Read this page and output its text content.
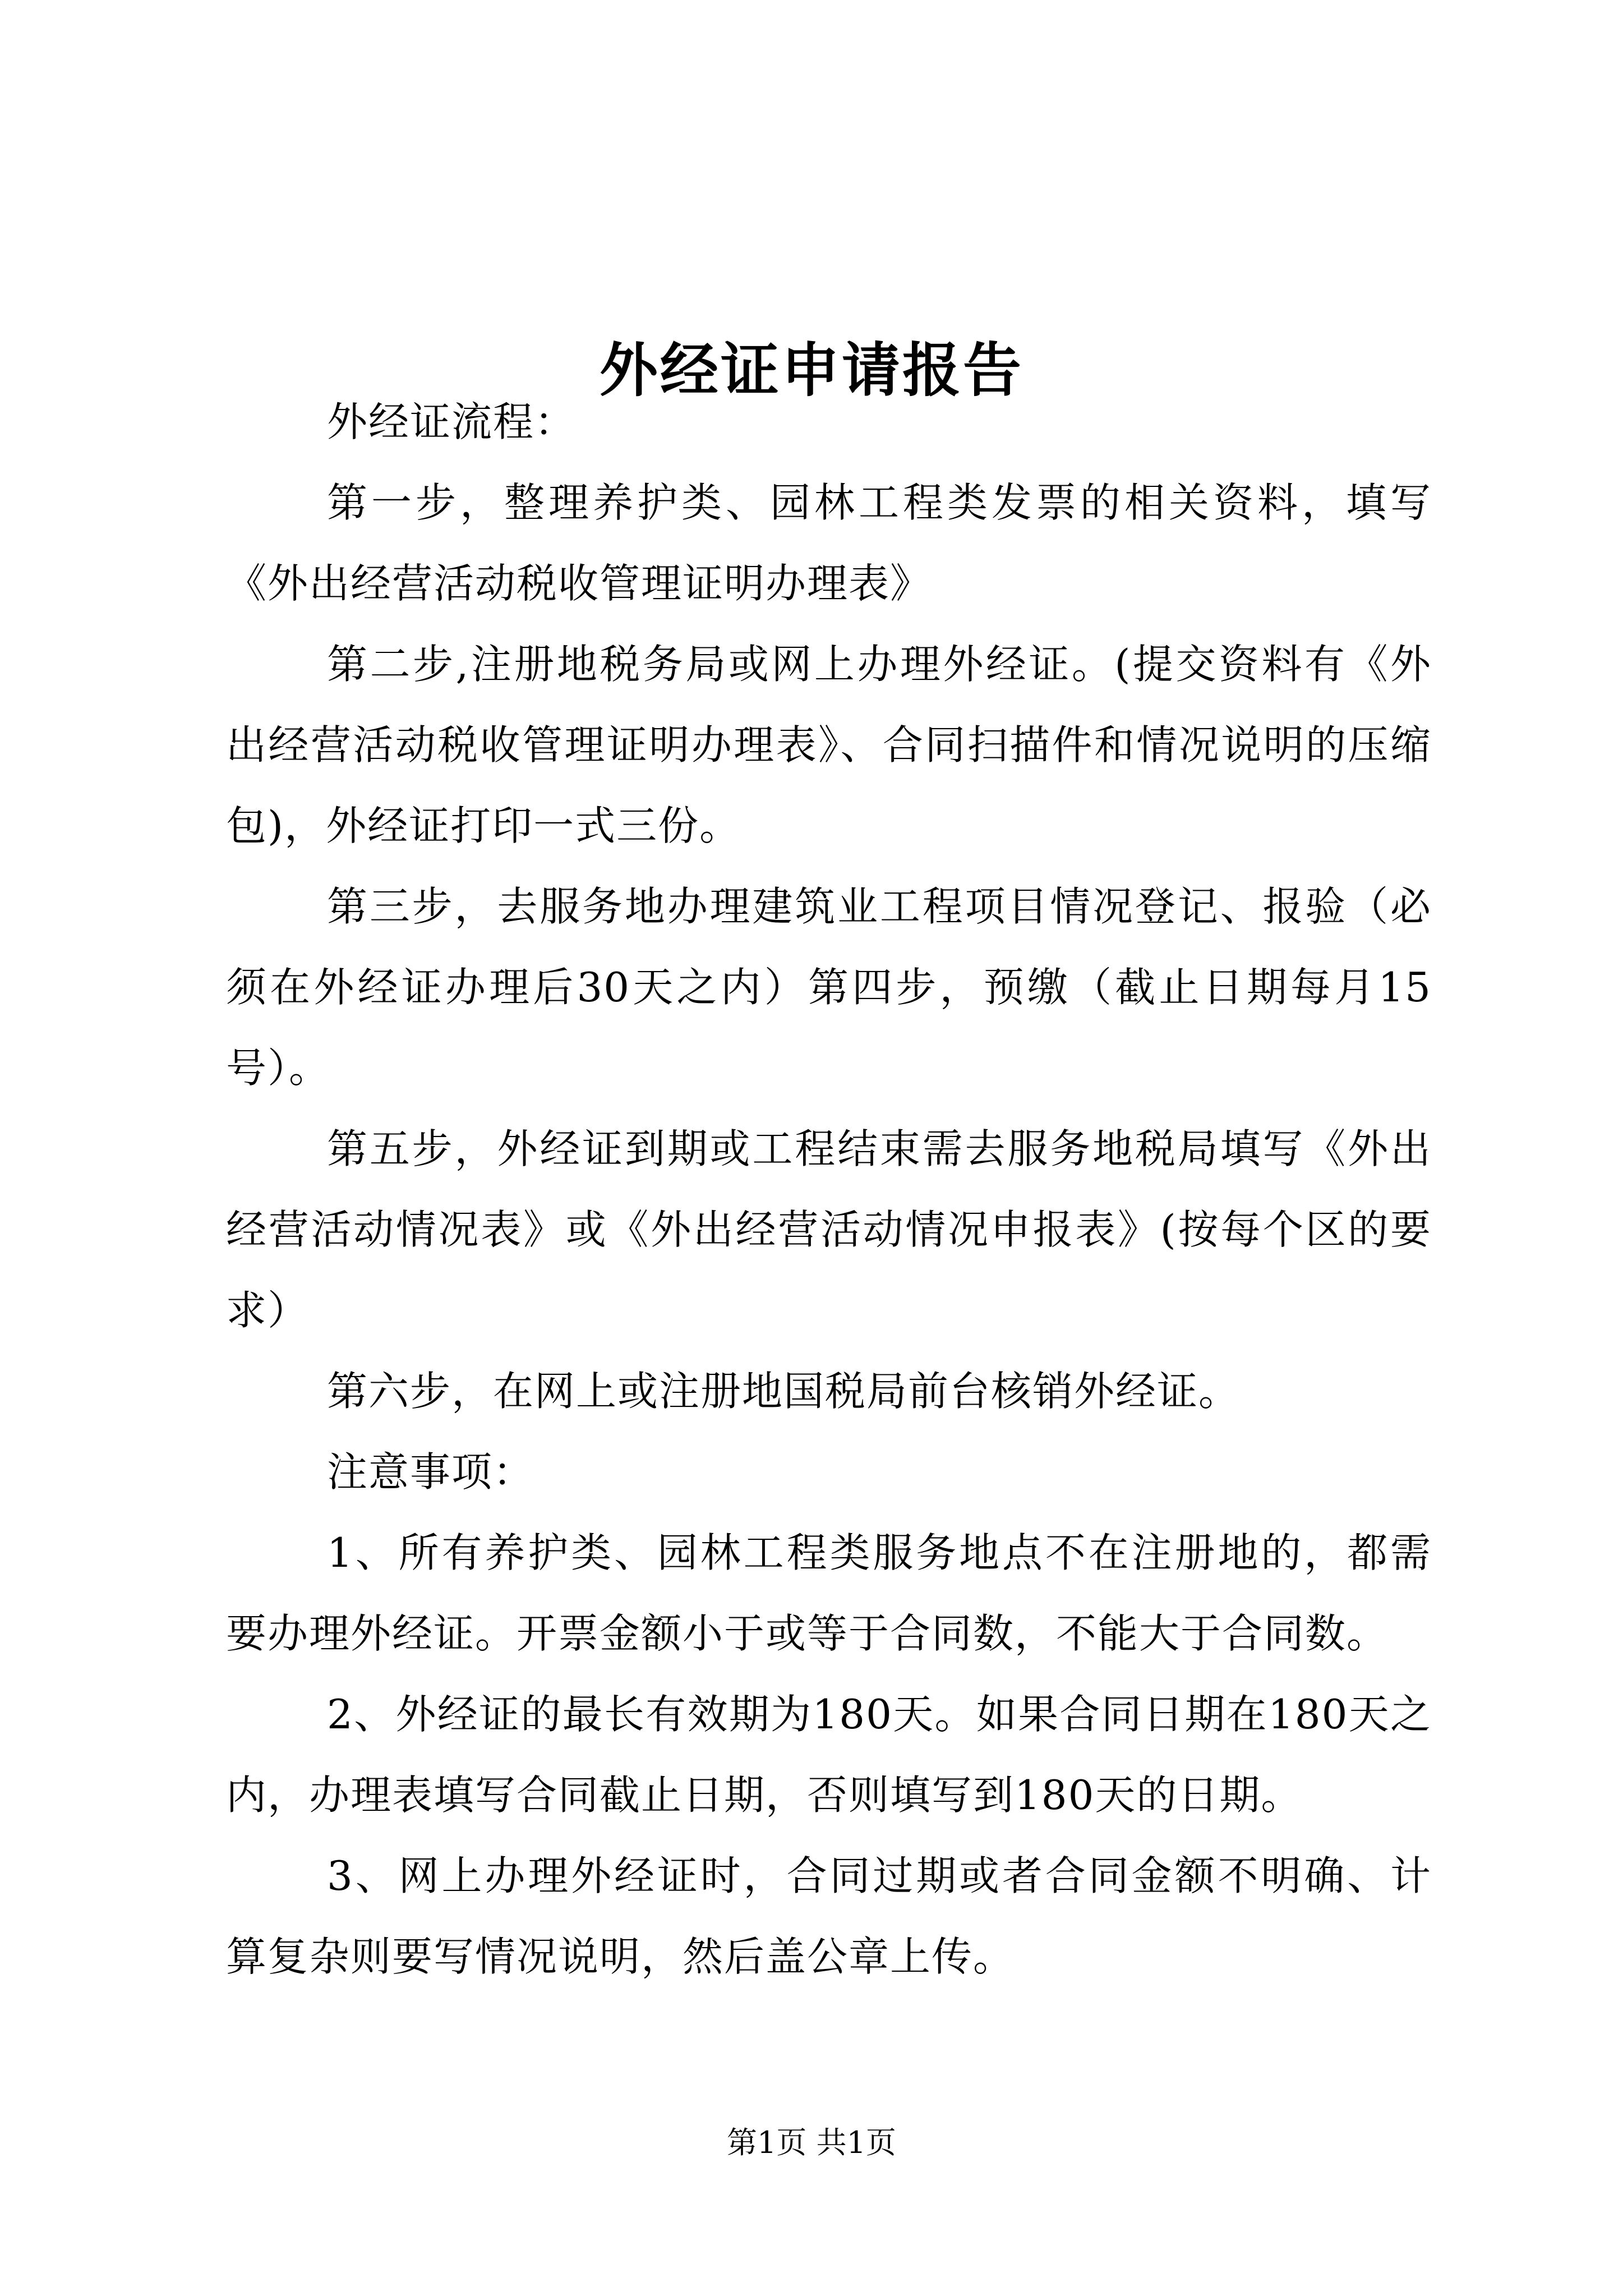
外经证申请报告

外经证流程：

第一步，整理养护类、园林工程类发票的相关资料，填写《外出经营活动税收管理证明办理表》

第二步,注册地税务局或网上办理外经证。(提交资料有《外出经营活动税收管理证明办理表》、合同扫描件和情况说明的压缩包)，外经证打印一式三份。

第三步，去服务地办理建筑业工程项目情况登记、报验（必须在外经证办理后30天之内）第四步，预缴（截止日期每月15号）。

第五步，外经证到期或工程结束需去服务地税局填写《外出经营活动情况表》或《外出经营活动情况申报表》(按每个区的要求）

第六步，在网上或注册地国税局前台核销外经证。

注意事项：

1、所有养护类、园林工程类服务地点不在注册地的，都需要办理外经证。开票金额小于或等于合同数，不能大于合同数。

2、外经证的最长有效期为180天。如果合同日期在180天之内，办理表填写合同截止日期，否则填写到180天的日期。

3、网上办理外经证时，合同过期或者合同金额不明确、计算复杂则要写情况说明，然后盖公章上传。

第1页 共1页
